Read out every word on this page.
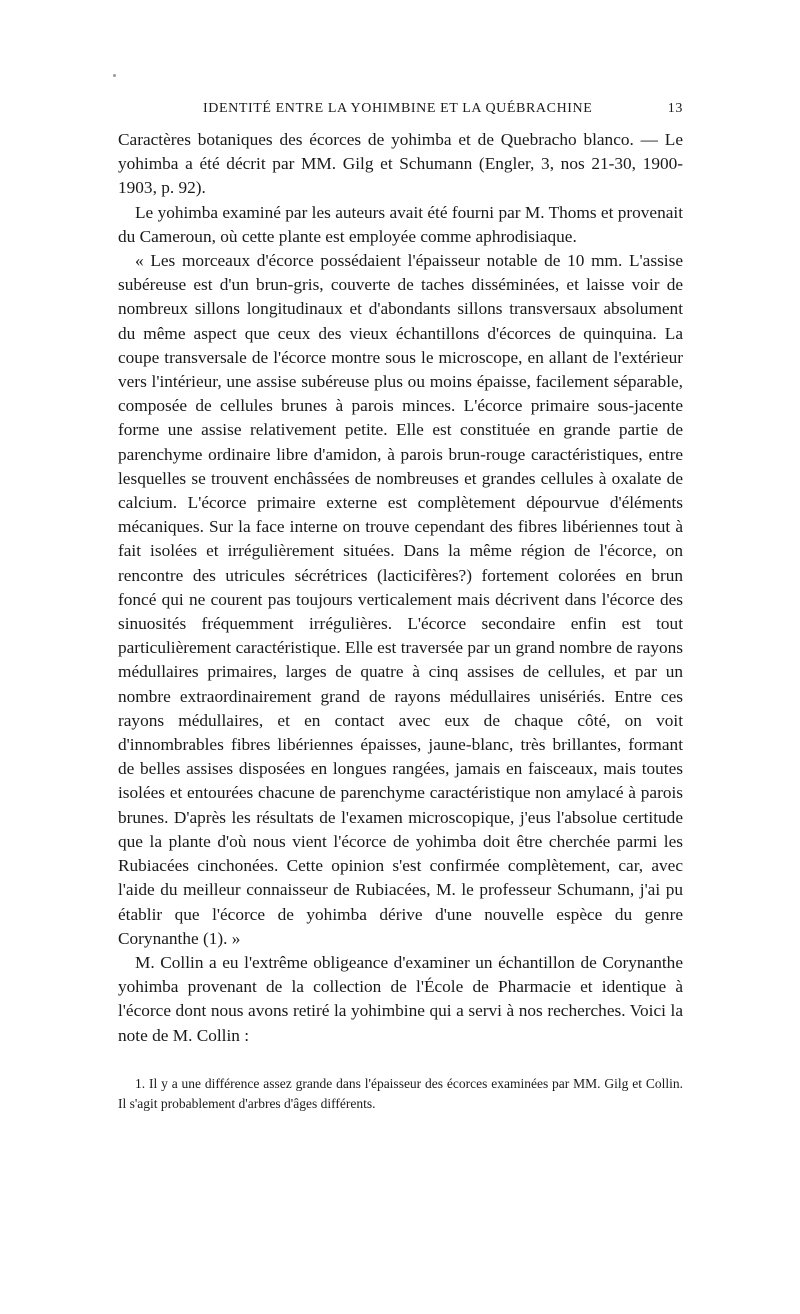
IDENTITÉ ENTRE LA YOHIMBINE ET LA QUÉBRACHINE	13

Caractères botaniques des écorces de yohimba et de Quebracho blanco. — Le yohimba a été décrit par MM. Gilg et Schumann (Engler, 3, nos 21-30, 1900-1903, p. 92).

Le yohimba examiné par les auteurs avait été fourni par M. Thoms et provenait du Cameroun, où cette plante est employée comme aphrodisiaque.

« Les morceaux d'écorce possédaient l'épaisseur notable de 10 mm. L'assise subéreuse est d'un brun-gris, couverte de taches disséminées, et laisse voir de nombreux sillons longitudinaux et d'abondants sillons transversaux absolument du même aspect que ceux des vieux échantillons d'écorces de quinquina. La coupe transversale de l'écorce montre sous le microscope, en allant de l'extérieur vers l'intérieur, une assise subéreuse plus ou moins épaisse, facilement séparable, composée de cellules brunes à parois minces. L'écorce primaire sous-jacente forme une assise relativement petite. Elle est constituée en grande partie de parenchyme ordinaire libre d'amidon, à parois brun-rouge caractéristiques, entre lesquelles se trouvent enchâssées de nombreuses et grandes cellules à oxalate de calcium. L'écorce primaire externe est complètement dépourvue d'éléments mécaniques. Sur la face interne on trouve cependant des fibres libériennes tout à fait isolées et irrégulièrement situées. Dans la même région de l'écorce, on rencontre des utricules sécrétrices (lacticifères?) fortement colorées en brun foncé qui ne courent pas toujours verticalement mais décrivent dans l'écorce des sinuosités fréquemment irrégulières. L'écorce secondaire enfin est tout particulièrement caractéristique. Elle est traversée par un grand nombre de rayons médullaires primaires, larges de quatre à cinq assises de cellules, et par un nombre extraordinairement grand de rayons médullaires unisériés. Entre ces rayons médullaires, et en contact avec eux de chaque côté, on voit d'innombrables fibres libériennes épaisses, jaune-blanc, très brillantes, formant de belles assises disposées en longues rangées, jamais en faisceaux, mais toutes isolées et entourées chacune de parenchyme caractéristique non amylacé à parois brunes. D'après les résultats de l'examen microscopique, j'eus l'absolue certitude que la plante d'où nous vient l'écorce de yohimba doit être cherchée parmi les Rubiacées cinchonées. Cette opinion s'est confirmée complètement, car, avec l'aide du meilleur connaisseur de Rubiacées, M. le professeur Schumann, j'ai pu établir que l'écorce de yohimba dérive d'une nouvelle espèce du genre Corynanthe (1). »

M. Collin a eu l'extrême obligeance d'examiner un échantillon de Corynanthe yohimba provenant de la collection de l'École de Pharmacie et identique à l'écorce dont nous avons retiré la yohimbine qui a servi à nos recherches. Voici la note de M. Collin :

1. Il y a une différence assez grande dans l'épaisseur des écorces examinées par MM. Gilg et Collin. Il s'agit probablement d'arbres d'âges différents.
